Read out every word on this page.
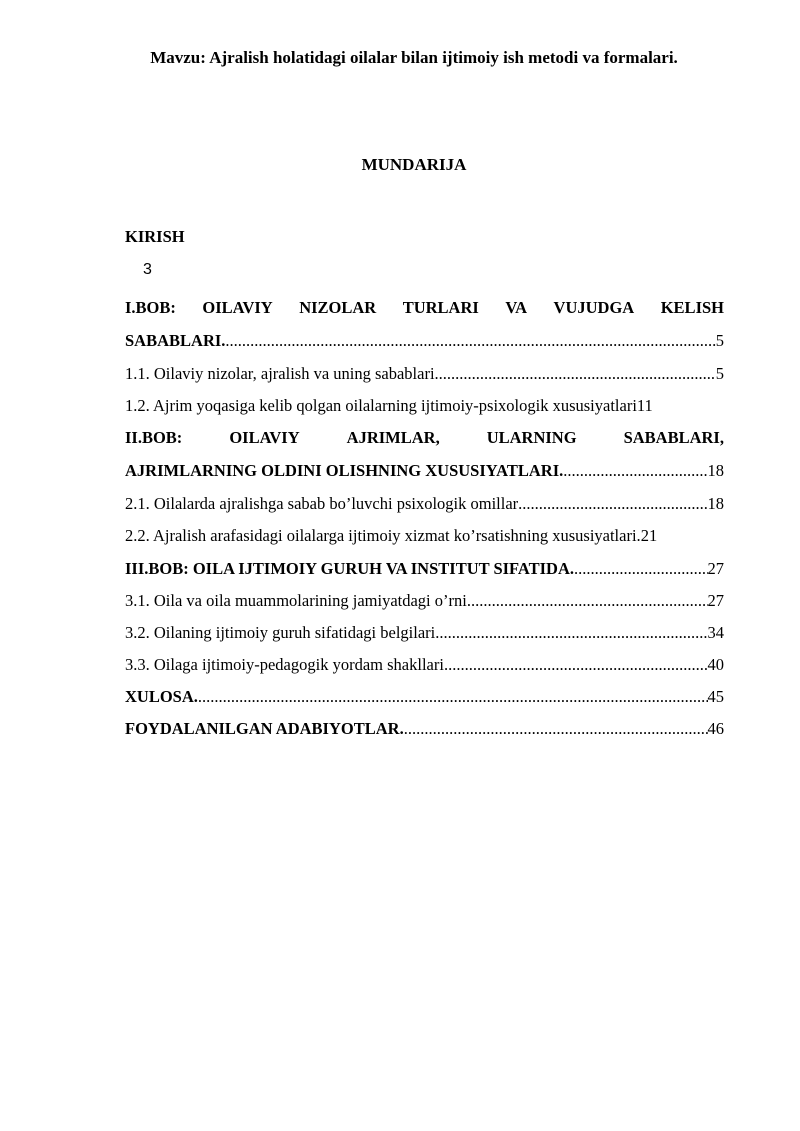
Mavzu: Ajralish holatidagi oilalar bilan ijtimoiy ish metodi va formalari.
MUNDARIJA
KIRISH
3
I.BOB: OILAVIY NIZOLAR TURLARI VA VUJUDGA KELISH
SABABLARI. .....	5
1.1. Oilaviy nizolar, ajralish va uning sabablari .....	5
1.2. Ajrim yoqasiga kelib qolgan oilalarning ijtimoiy-psixologik xususiyatlari11
II.BOB:	OILAVIY	AJRIMLAR,	ULARNING	SABABLARI,
AJRIMLARNING OLDINI OLISHNING XUSUSIYATLARI. .....	18
2.1. Oilalarda ajralishga sabab bo’luvchi psixologik omillar .....	18
2.2. Ajralish arafasidagi oilalarga ijtimoiy xizmat ko’rsatishning xususiyatlari.21
III.BOB: OILA IJTIMOIY GURUH VA INSTITUT SIFATIDA. .....	27
3.1. Oila va oila muammolarining jamiyatdagi o’rni .....	27
3.2. Oilaning ijtimoiy guruh sifatidagi belgilari .....	34
3.3. Oilaga ijtimoiy-pedagogik yordam shakllari .....	40
XULOSA. .....	45
FOYDALANILGAN ADABIYOTLAR. .....	46
